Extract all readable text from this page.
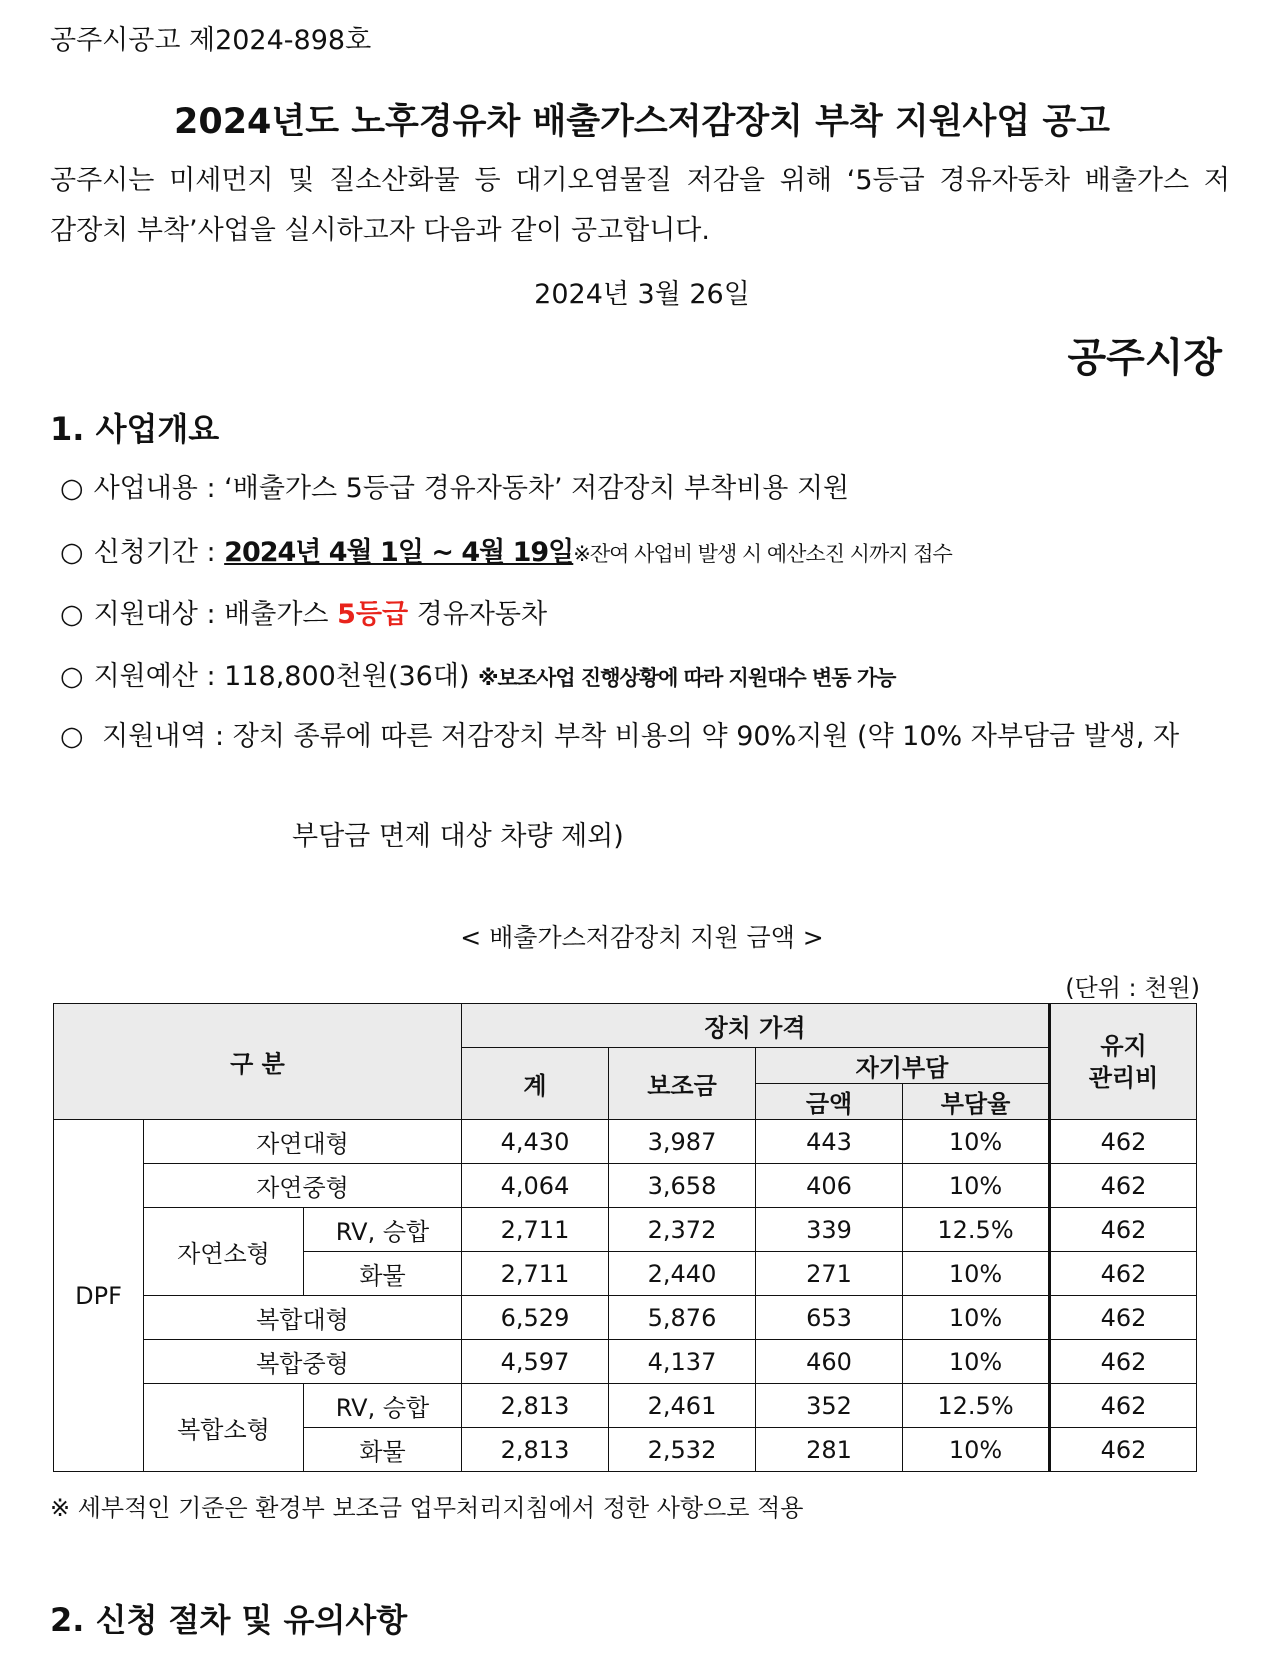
공주시공고 제2024-898호
2024년도 노후경유차 배출가스저감장치 부착 지원사업 공고
공주시는 미세먼지 및 질소산화물 등 대기오염물질 저감을 위해 ‘5등급 경유자동차 배출가스 저
감장치 부착’사업을 실시하고자 다음과 같이 공고합니다.
2024년 3월 26일
공주시장
1. 사업개요
○ 사업내용 : ‘배출가스 5등급 경유자동차’ 저감장치 부착비용 지원
○ 신청기간 : 2024년 4월 1일 ~ 4월 19일※잔여 사업비 발생 시 예산소진 시까지 접수
○ 지원대상 : 배출가스 5등급 경유자동차
○ 지원예산 : 118,800천원(36대) ※보조사업 진행상황에 따라 지원대수 변동 가능
○ 지원내역 : 장치 종류에 따른 저감장치 부착 비용의 약 90%지원 (약 10% 자부담금 발생, 자
부담금 면제 대상 차량 제외)
< 배출가스저감장치 지원 금액 >
(단위 : 천원)
구 분			장치 가격				유지
관리비

			계	보조금	자기부담		
					금액	부담율	
DPF	자연대형		4,430	3,987	443	10%	462
	자연중형		4,064	3,658	406	10%	462
	자연소형	RV, 승합	2,711	2,372	339	12.5%	462
		화물	2,711	2,440	271	10%	462
	복합대형		6,529	5,876	653	10%	462
	복합중형		4,597	4,137	460	10%	462
	복합소형	RV, 승합	2,813	2,461	352	12.5%	462
		화물	2,813	2,532	281	10%	462
※ 세부적인 기준은 환경부 보조금 업무처리지침에서 정한 사항으로 적용
2. 신청 절차 및 유의사항
